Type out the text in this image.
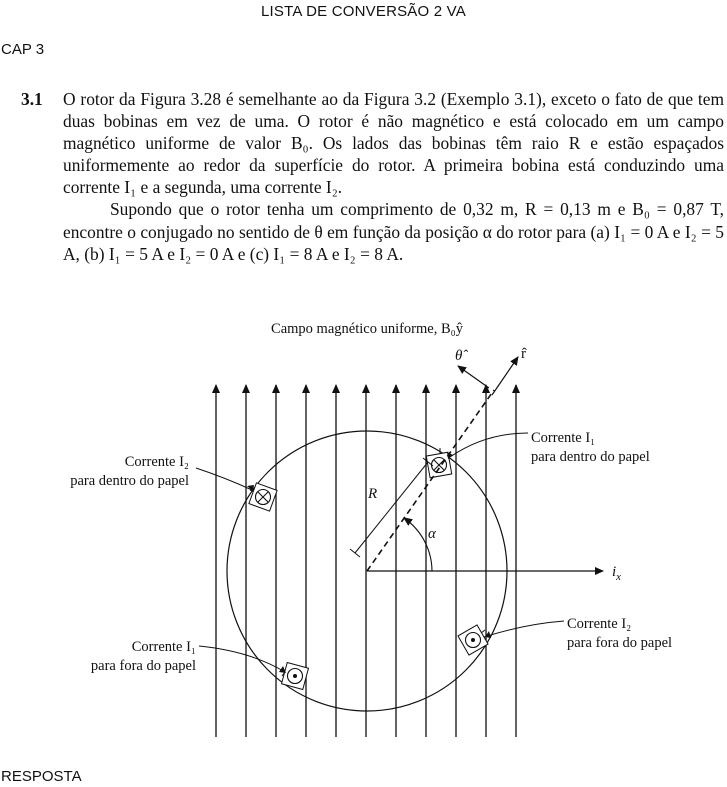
LISTA DE CONVERSÃO 2 VA
CAP 3
3.1 O rotor da Figura 3.28 é semelhante ao da Figura 3.2 (Exemplo 3.1), exceto o fato de que tem duas bobinas em vez de uma. O rotor é não magnético e está colocado em um campo magnético uniforme de valor B₀. Os lados das bobinas têm raio R e estão espaçados uniformemente ao redor da superfície do rotor. A primeira bobina está conduzindo uma corrente I₁ e a segunda, uma corrente I₂.

Supondo que o rotor tenha um comprimento de 0,32 m, R = 0,13 m e B₀ = 0,87 T, encontre o conjugado no sentido de θ em função da posição α do rotor para (a) I₁ = 0 A e I₂ = 5 A, (b) I₁ = 5 A e I₂ = 0 A e (c) I₁ = 8 A e I₂ = 8 A.

R
θ̂	r̂
$i_x$
α
Campo magnético uniforme, B₀ŷ
Corrente I₁
para dentro do papel
Corrente I₂
para dentro do papel
Corrente I₂
para fora do papel
Corrente I₁
para fora do papel
RESPOSTA
